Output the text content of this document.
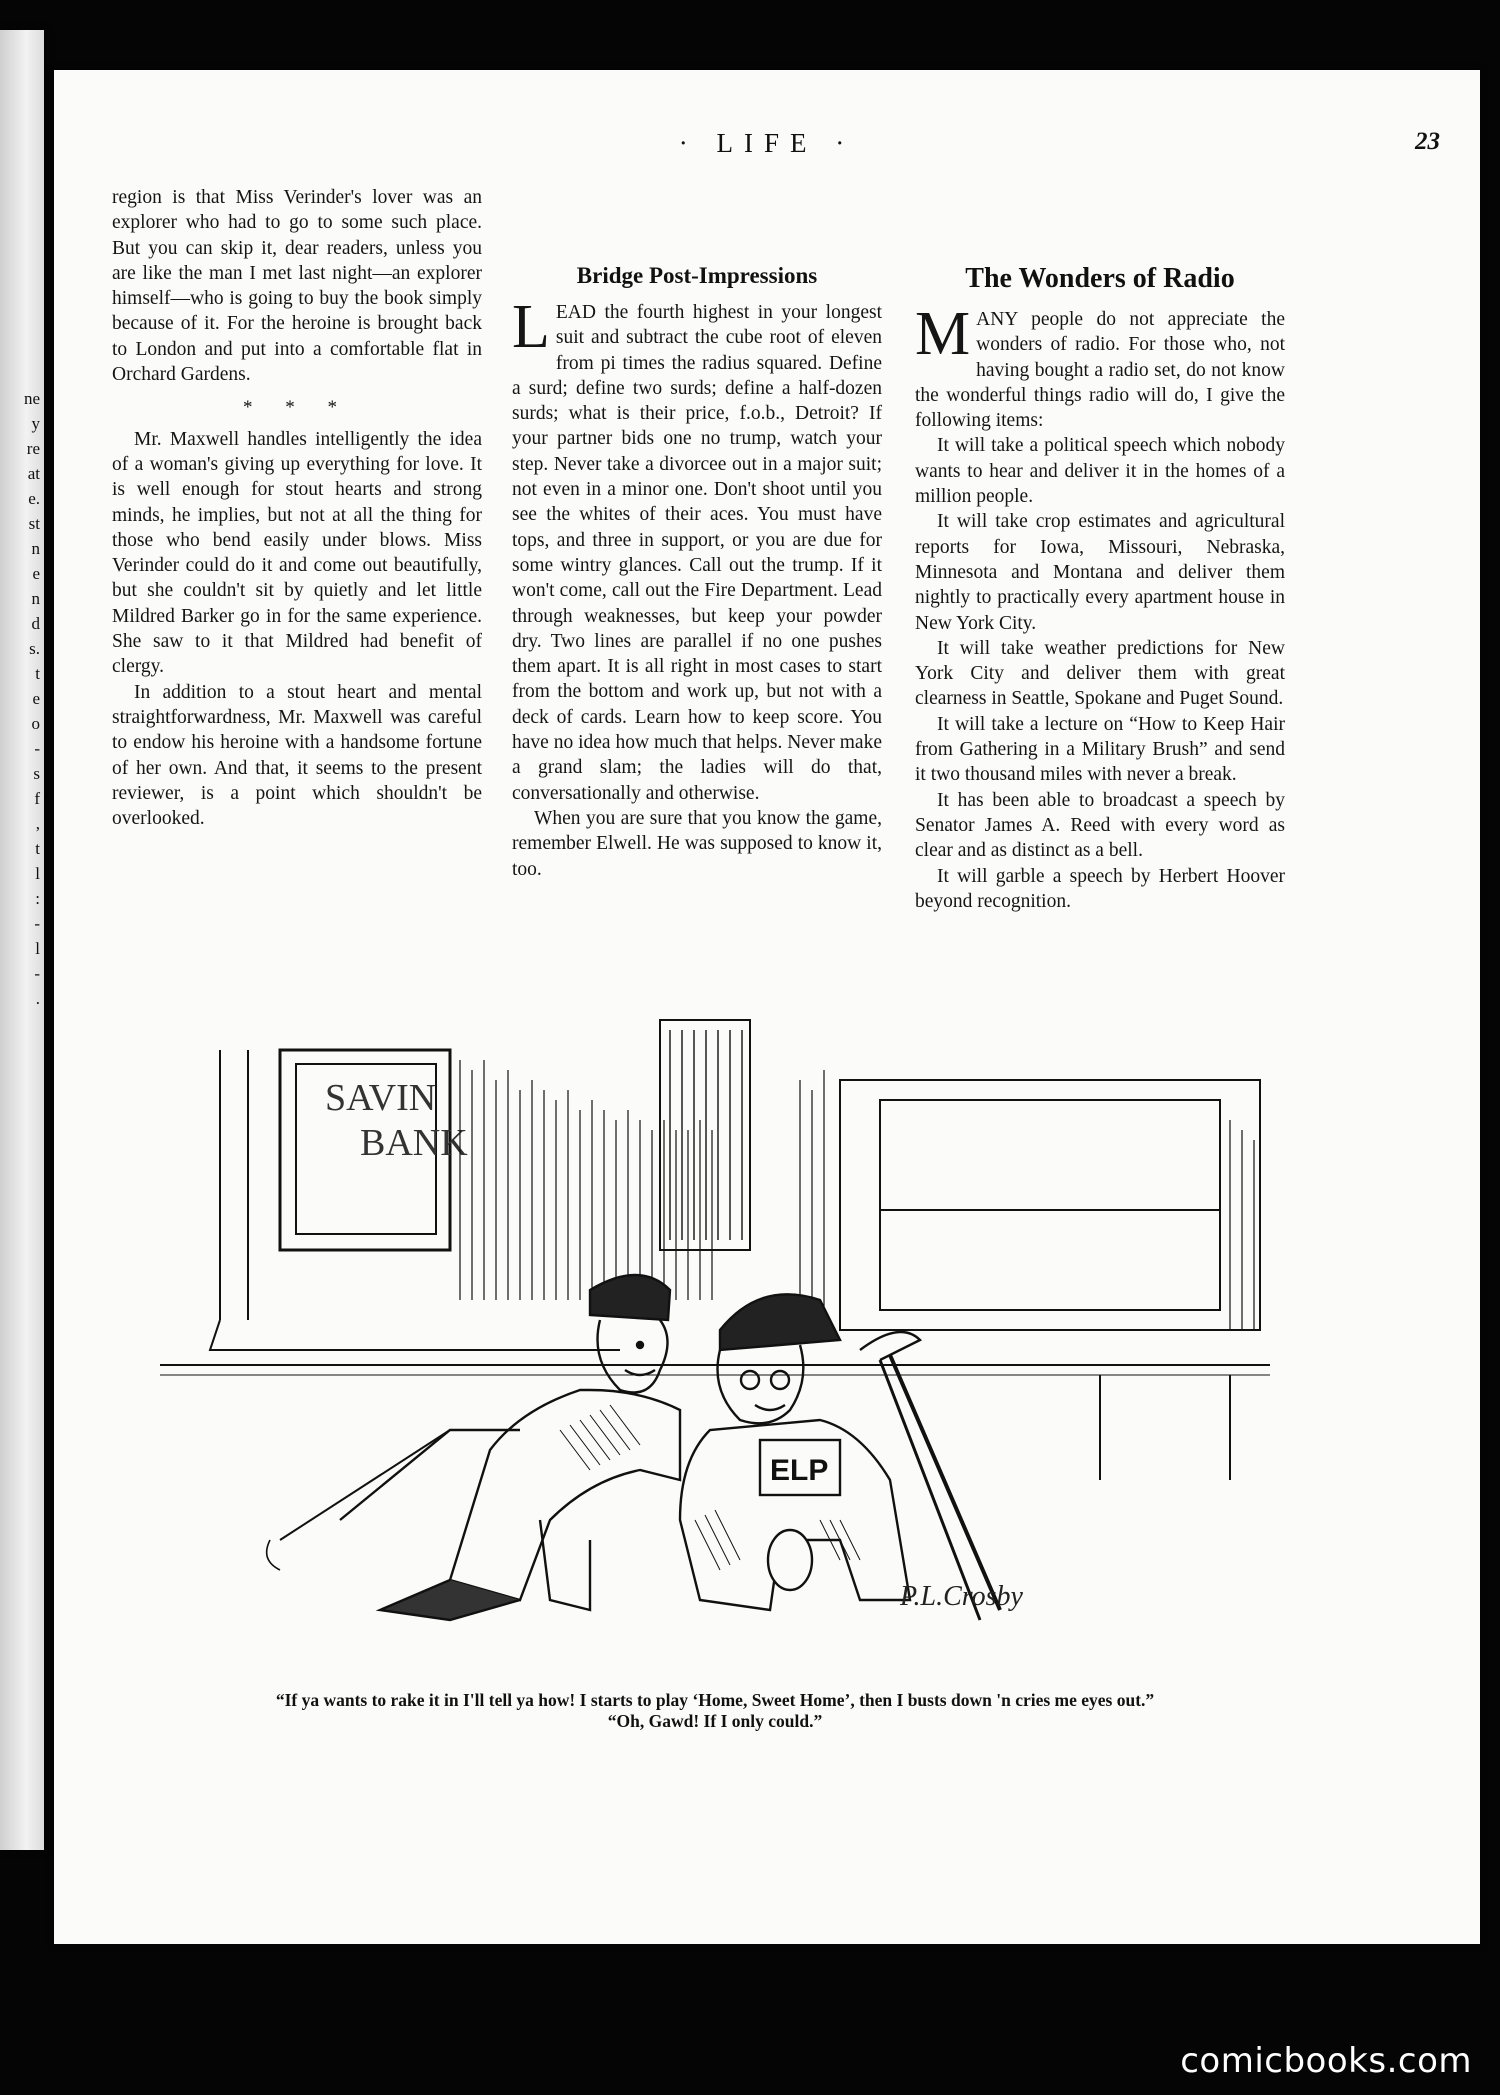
ne
y
re
at
e.
st
n
e
n
d
s.
t
e
o
-
s
f
,
t
l
:
-
l
-
.
· LIFE ·	23

region is that Miss Verinder's lover was an explorer who had to go to some such place. But you can skip it, dear readers, unless you are like the man I met last night—an explorer himself—who is going to buy the book simply because of it. For the heroine is brought back to London and put into a comfortable flat in Orchard Gardens.

* * *

Mr. Maxwell handles intelligently the idea of a woman's giving up everything for love. It is well enough for stout hearts and strong minds, he implies, but not at all the thing for those who bend easily under blows. Miss Verinder could do it and come out beautifully, but she couldn't sit by quietly and let little Mildred Barker go in for the same experience. She saw to it that Mildred had benefit of clergy.

In addition to a stout heart and mental straightforwardness, Mr. Maxwell was careful to endow his heroine with a handsome fortune of her own. And that, it seems to the present reviewer, is a point which shouldn't be overlooked.

Bridge Post-Impressions

LEAD the fourth highest in your longest suit and subtract the cube root of eleven from pi times the radius squared. Define a surd; define two surds; define a half-dozen surds; what is their price, f.o.b., Detroit? If your partner bids one no trump, watch your step. Never take a divorcee out in a major suit; not even in a minor one. Don't shoot until you see the whites of their aces. You must have tops, and three in support, or you are due for some wintry glances. Call out the trump. If it won't come, call out the Fire Department. Lead through weaknesses, but keep your powder dry. Two lines are parallel if no one pushes them apart. It is all right in most cases to start from the bottom and work up, but not with a deck of cards. Learn how to keep score. You have no idea how much that helps. Never make a grand slam; the ladies will do that, conversationally and otherwise.

When you are sure that you know the game, remember Elwell. He was supposed to know it, too.

The Wonders of Radio

MANY people do not appreciate the wonders of radio. For those who, not having bought a radio set, do not know the wonderful things radio will do, I give the following items:

It will take a political speech which nobody wants to hear and deliver it in the homes of a million people.

It will take crop estimates and agricultural reports for Iowa, Missouri, Nebraska, Minnesota and Montana and deliver them nightly to practically every apartment house in New York City.

It will take weather predictions for New York City and deliver them with great clearness in Seattle, Spokane and Puget Sound.

It will take a lecture on “How to Keep Hair from Gathering in a Military Brush” and send it two thousand miles with never a break.

It has been able to broadcast a speech by Senator James A. Reed with every word as clear and as distinct as a bell.

It will garble a speech by Herbert Hoover beyond recognition.

SAVIN
BANK
ELP
P.L.Crosby
“If ya wants to rake it in I'll tell ya how! I starts to play ‘Home, Sweet Home’, then I busts down 'n cries me eyes out.”
“Oh, Gawd! If I only could.”
comicbooks.com
